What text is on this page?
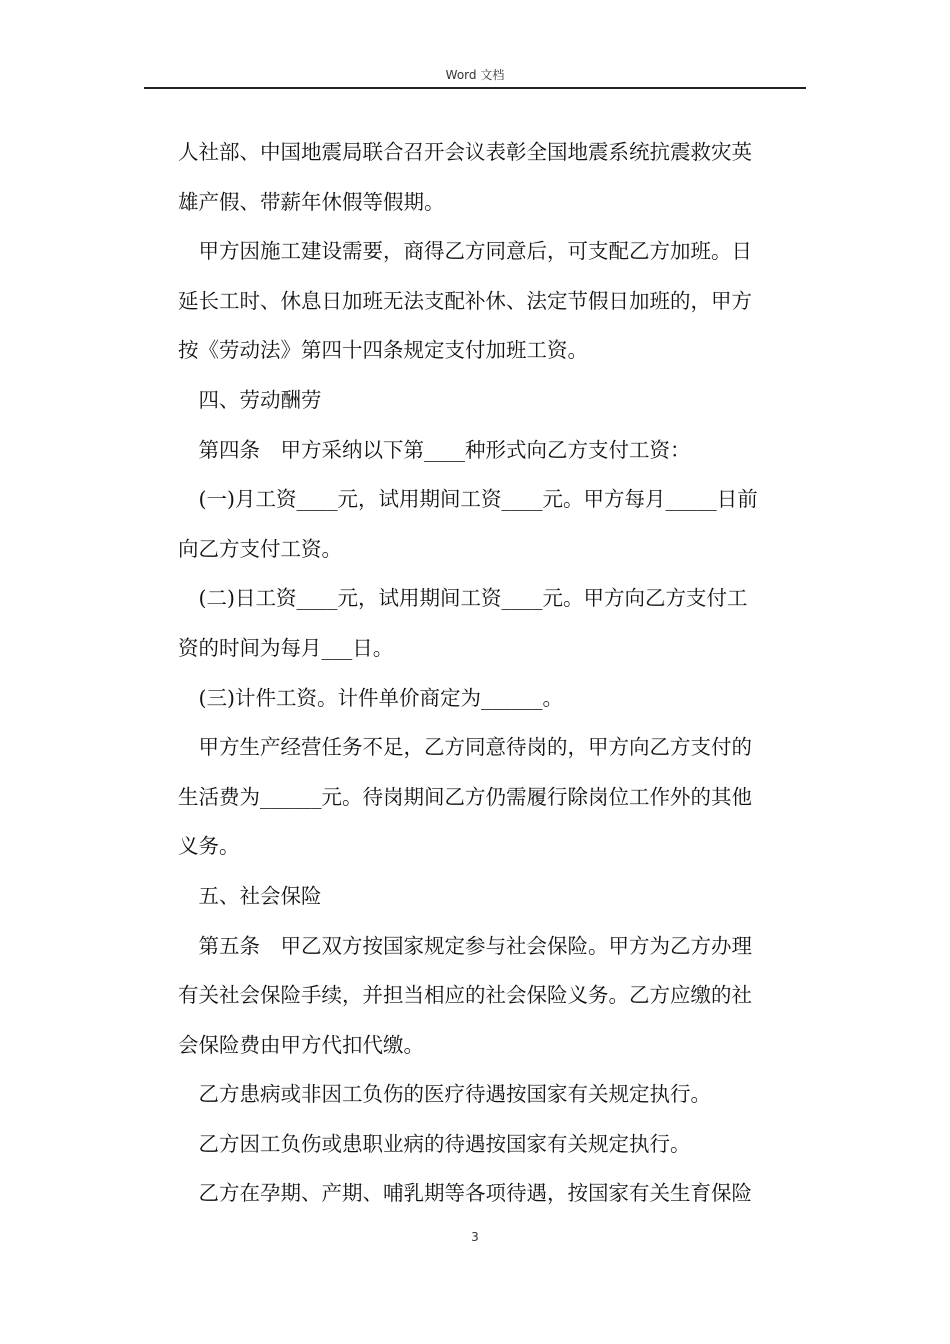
Word 文档
人社部、中国地震局联合召开会议表彰全国地震系统抗震救灾英
雄产假、带薪年休假等假期。
　甲方因施工建设需要，商得乙方同意后，可支配乙方加班。日
延长工时、休息日加班无法支配补休、法定节假日加班的，甲方
按《劳动法》第四十四条规定支付加班工资。
　四、劳动酬劳
　第四条　甲方采纳以下第____种形式向乙方支付工资：
　(一)月工资____元，试用期间工资____元。甲方每月_____日前
向乙方支付工资。
　(二)日工资____元，试用期间工资____元。甲方向乙方支付工
资的时间为每月___日。
　(三)计件工资。计件单价商定为______。
　甲方生产经营任务不足，乙方同意待岗的，甲方向乙方支付的
生活费为______元。待岗期间乙方仍需履行除岗位工作外的其他
义务。
　五、社会保险
　第五条　甲乙双方按国家规定参与社会保险。甲方为乙方办理
有关社会保险手续，并担当相应的社会保险义务。乙方应缴的社
会保险费由甲方代扣代缴。
　乙方患病或非因工负伤的医疗待遇按国家有关规定执行。
　乙方因工负伤或患职业病的待遇按国家有关规定执行。
　乙方在孕期、产期、哺乳期等各项待遇，按国家有关生育保险
3
